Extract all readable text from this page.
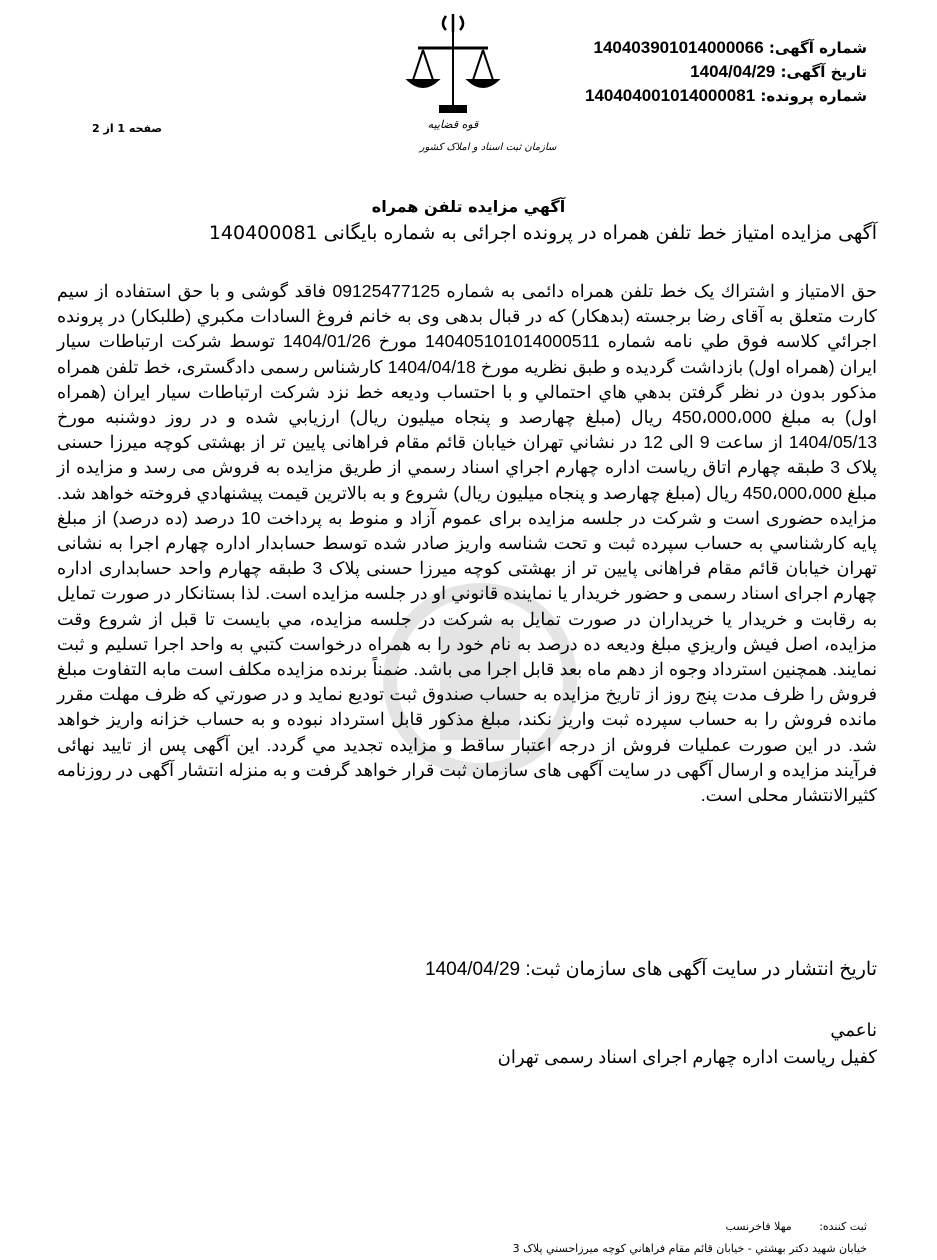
شماره آگهی: 140403901014000066
تاریخ آگهی: 1404/04/29
شماره پرونده: 140404001014000081
قوه قضاییه
سازمان ثبت اسناد و املاک کشور
صفحه 1 از 2
آگهي مزايده تلفن همراه
آگهی مزایده امتیاز خط تلفن همراه در پرونده اجرائی به شماره بایگانی 140400081
حق الامتیاز و اشتراك یک خط تلفن همراه دائمی به شماره 09125477125 فاقد گوشی و با حق استفاده از سیم کارت متعلق به آقای رضا برجسته (بدهکار) که در قبال بدهی وی به خانم فروغ السادات مکبري (طلبکار) در پرونده اجرائي كلاسه فوق طي نامه شماره 140405101014000511 مورخ 1404/01/26 توسط شرکت ارتباطات سیار ایران (همراه اول) بازداشت گردیده و طبق نظریه مورخ 1404/04/18 کارشناس رسمی دادگستری، خط تلفن همراه مذکور بدون در نظر گرفتن بدهي هاي احتمالي و با احتساب ودیعه خط نزد شرکت ارتباطات سیار ایران (همراه اول) به مبلغ 450،000،000 ریال (مبلغ چهارصد و پنجاه میلیون ریال) ارزيابي شده و در روز دوشنبه مورخ 1404/05/13 از ساعت 9 الی 12 در نشاني تهران خیابان قائم مقام فراهانی پایین تر از بهشتی کوچه میرزا حسنی پلاک 3 طبقه چهارم اتاق ریاست اداره چهارم اجراي اسناد رسمي از طريق مزایده به فروش می رسد و مزایده از مبلغ 450،000،000 ریال (مبلغ چهارصد و پنجاه میلیون ریال) شروع و به بالاترین قیمت پیشنهادي فروخته خواهد شد. مزایده حضوری است و شرکت در جلسه مزایده برای عموم آزاد و منوط به پرداخت 10 درصد (ده درصد) از مبلغ پایه کارشناسي به حساب سپرده ثبت و تحت شناسه واريز صادر شده توسط حسابدار اداره چهارم اجرا به نشانی تهران خیابان قائم مقام فراهانی پایین تر از بهشتی کوچه میرزا حسنی پلاک 3 طبقه چهارم واحد حسابداری اداره چهارم اجرای اسناد رسمی و حضور خريدار يا نماينده قانوني او در جلسه مزایده است. لذا بستانکار در صورت تمایل به رقابت و خریدار یا خریداران در صورت تمایل به شرکت در جلسه مزایده، مي بايست تا قبل از شروع وقت مزایده، اصل فيش واريزي مبلغ وديعه ده درصد به نام خود را به همراه درخواست کتبي به واحد اجرا تسليم و ثبت نمايند. همچنین استرداد وجوه از دهم ماه بعد قابل اجرا می باشد. ضمناً برنده مزایده مکلف است مابه التفاوت مبلغ فروش را ظرف مدت پنج روز از تاريخ مزايده به حساب صندوق ثبت توديع نمايد و در صورتي كه ظرف مهلت مقرر مانده فروش را به حساب سپرده ثبت واریز نکند، مبلغ مذکور قابل استرداد نبوده و به حساب خزانه واریز خواهد شد. در این صورت عملیات فروش از درجه اعتبار ساقط و مزايده تجديد مي گردد. این آگهی پس از تایید نهائی فرآیند مزایده و ارسال آگهی در سایت آگهی های سازمان ثبت قرار خواهد گرفت و به منزله انتشار آگهی در روزنامه کثیرالانتشار محلی است.
تاریخ انتشار در سایت آگهی های سازمان ثبت: 1404/04/29
ناعمي
کفیل ریاست اداره چهارم اجرای اسناد رسمی تهران
ثبت کننده: مهلا فاخرنسب
خيابان شهيد دكتر بهشتي - خيابان قائم مقام فراهاني كوچه ميرزاحسني پلاک 3
